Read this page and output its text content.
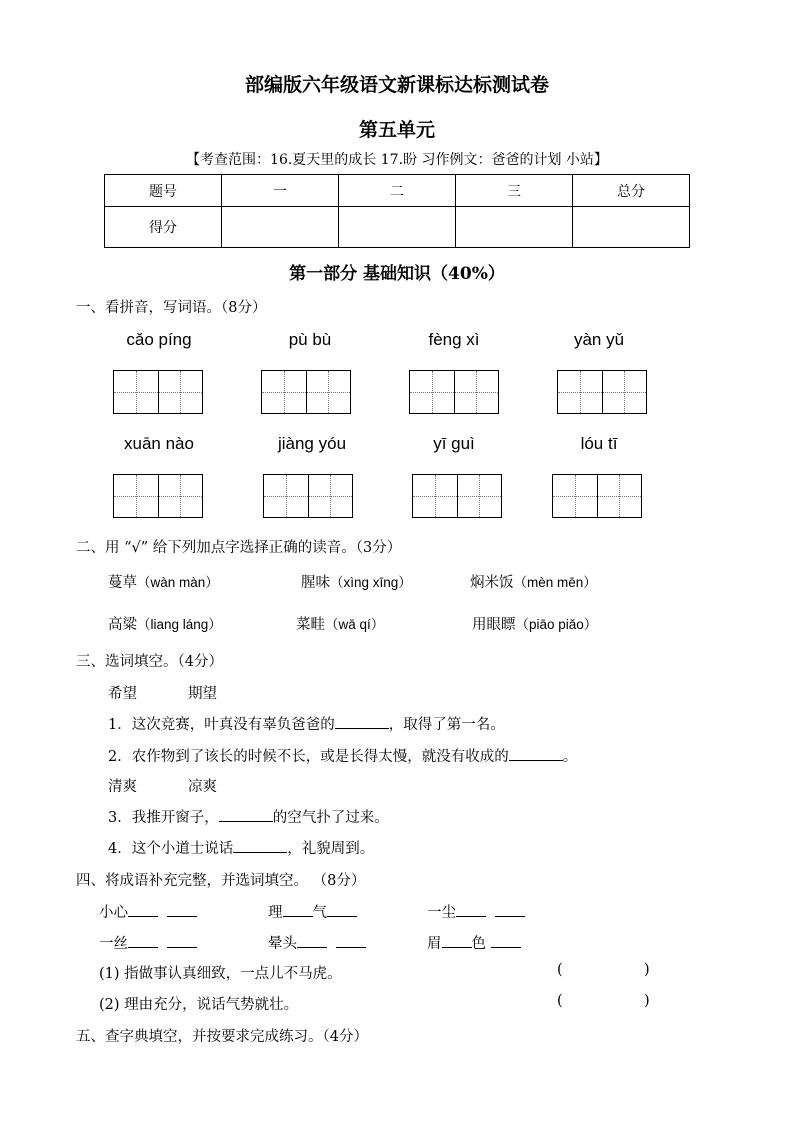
部编版六年级语文新课标达标测试卷
第五单元
【考查范围：16.夏天里的成长 17.盼 习作例文：爸爸的计划 小站】
题号	一	二	三	总分
得分				
第一部分 基础知识（40%）
一、看拼音，写词语。（8分）
cǎo píng	pù bù	fèng xì	yàn yǔ
xuān nào	jiàng yóu	yī guì	lóu tī
二、用 “√” 给下列加点字选择正确的读音。（3分）
蔓草（wàn màn）	腥味（xìng xīng）	焖米饭（mèn mēn）
高粱（liang láng）	菜畦（wā qí）	用眼瞟（piāo piǎo）
三、选词填空。（4分）
希望	期望
1．这次竞赛，叶真没有辜负爸爸的	，取得了第一名。
2．农作物到了该长的时候不长，或是长得太慢，就没有收成的	。
清爽	凉爽
3．我推开窗子，	的空气扑了过来。
4．这个小道士说话	，礼貌周到。
四、将成语补充完整，并选词填空。 （8分）
小心	理 气	一尘
一丝	晕头	眉 色
(1) 指做事认真细致，一点儿不马虎。	(	)
(2) 理由充分，说话气势就壮。	(	)
五、查字典填空，并按要求完成练习。（4分）
